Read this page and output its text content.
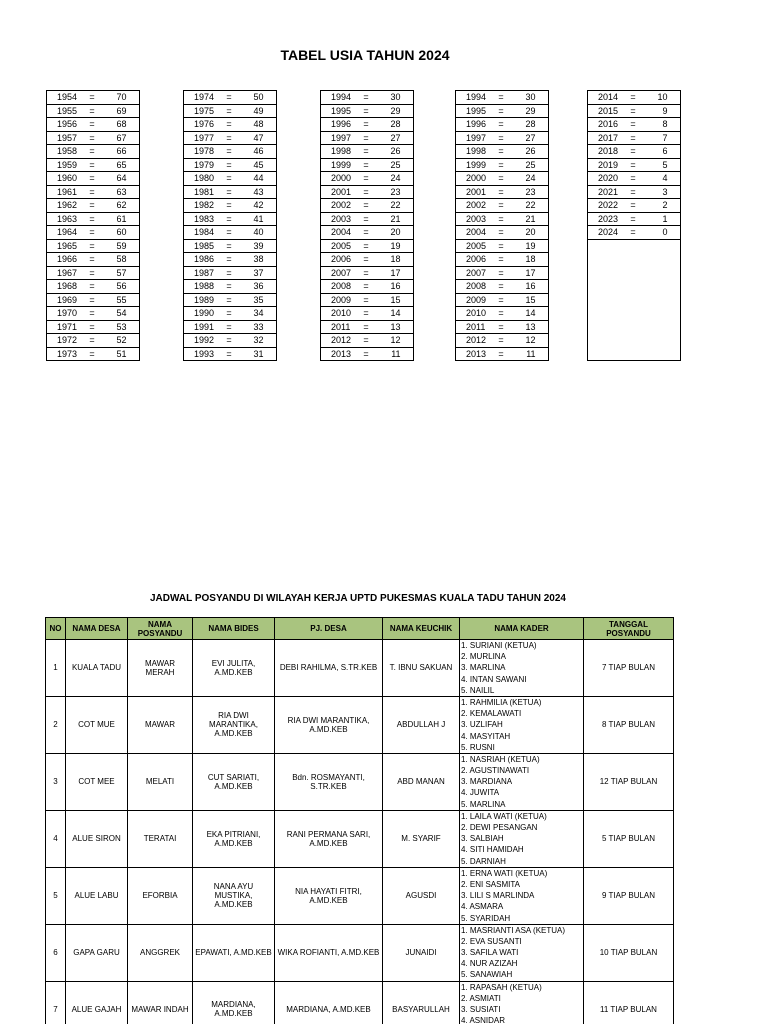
TABEL USIA TAHUN 2024
1954	=	70
1955	=	69
1956	=	68
1957	=	67
1958	=	66
1959	=	65
1960	=	64
1961	=	63
1962	=	62
1963	=	61
1964	=	60
1965	=	59
1966	=	58
1967	=	57
1968	=	56
1969	=	55
1970	=	54
1971	=	53
1972	=	52
1973	=	51
1974	=	50
1975	=	49
1976	=	48
1977	=	47
1978	=	46
1979	=	45
1980	=	44
1981	=	43
1982	=	42
1983	=	41
1984	=	40
1985	=	39
1986	=	38
1987	=	37
1988	=	36
1989	=	35
1990	=	34
1991	=	33
1992	=	32
1993	=	31
1994	=	30
1995	=	29
1996	=	28
1997	=	27
1998	=	26
1999	=	25
2000	=	24
2001	=	23
2002	=	22
2003	=	21
2004	=	20
2005	=	19
2006	=	18
2007	=	17
2008	=	16
2009	=	15
2010	=	14
2011	=	13
2012	=	12
2013	=	11
1994	=	30
1995	=	29
1996	=	28
1997	=	27
1998	=	26
1999	=	25
2000	=	24
2001	=	23
2002	=	22
2003	=	21
2004	=	20
2005	=	19
2006	=	18
2007	=	17
2008	=	16
2009	=	15
2010	=	14
2011	=	13
2012	=	12
2013	=	11
2014	=	10
2015	=	9
2016	=	8
2017	=	7
2018	=	6
2019	=	5
2020	=	4
2021	=	3
2022	=	2
2023	=	1
2024	=	0

JADWAL POSYANDU DI WILAYAH KERJA UPTD PUKESMAS KUALA TADU TAHUN 2024
NO	NAMA DESA	NAMA POSYANDU	NAMA BIDES	PJ. DESA	NAMA KEUCHIK	NAMA KADER	TANGGAL POSYANDU
1	KUALA TADU	MAWAR MERAH	EVI JULITA, A.MD.KEB	DEBI RAHILMA, S.TR.KEB	T. IBNU SAKUAN	1. SURIANI (KETUA)
2. MURLINA
3. MARLINA
4. INTAN SAWANI
5. NAILIL	7 TIAP BULAN
2	COT MUE	MAWAR	RIA DWI MARANTIKA, A.MD.KEB	RIA DWI MARANTIKA, A.MD.KEB	ABDULLAH J	1. RAHMILIA (KETUA)
2. KEMALAWATI
3. UZLIFAH
4. MASYITAH
5. RUSNI	8 TIAP BULAN
3	COT MEE	MELATI	CUT SARIATI, A.MD.KEB	Bdn. ROSMAYANTI, S.TR.KEB	ABD MANAN	1. NASRIAH (KETUA)
2. AGUSTINAWATI
3. MARDIANA
4. JUWITA
5. MARLINA	12 TIAP BULAN
4	ALUE SIRON	TERATAI	EKA PITRIANI, A.MD.KEB	RANI PERMANA SARI, A.MD.KEB	M. SYARIF	1. LAILA WATI (KETUA)
2. DEWI PESANGAN
3. SALBIAH
4. SITI HAMIDAH
5. DARNIAH	5 TIAP BULAN
5	ALUE LABU	EFORBIA	NANA AYU MUSTIKA, A.MD.KEB	NIA HAYATI FITRI, A.MD.KEB	AGUSDI	1. ERNA WATI (KETUA)
2. ENI SASMITA
3. LILI S MARLINDA
4. ASMARA
5. SYARIDAH	9 TIAP BULAN
6	GAPA GARU	ANGGREK	EPAWATI, A.MD.KEB	WIKA ROFIANTI, A.MD.KEB	JUNAIDI	1. MASRIANTI ASA (KETUA)
2. EVA SUSANTI
3. SAFILA WATI
4. NUR AZIZAH
5. SANAWIAH	10 TIAP BULAN
7	ALUE GAJAH	MAWAR INDAH	MARDIANA, A.MD.KEB	MARDIANA, A.MD.KEB	BASYARULLAH	1. RAPASAH (KETUA)
2. ASMIATI
3. SUSIATI
4. ASNIDAR	11 TIAP BULAN
